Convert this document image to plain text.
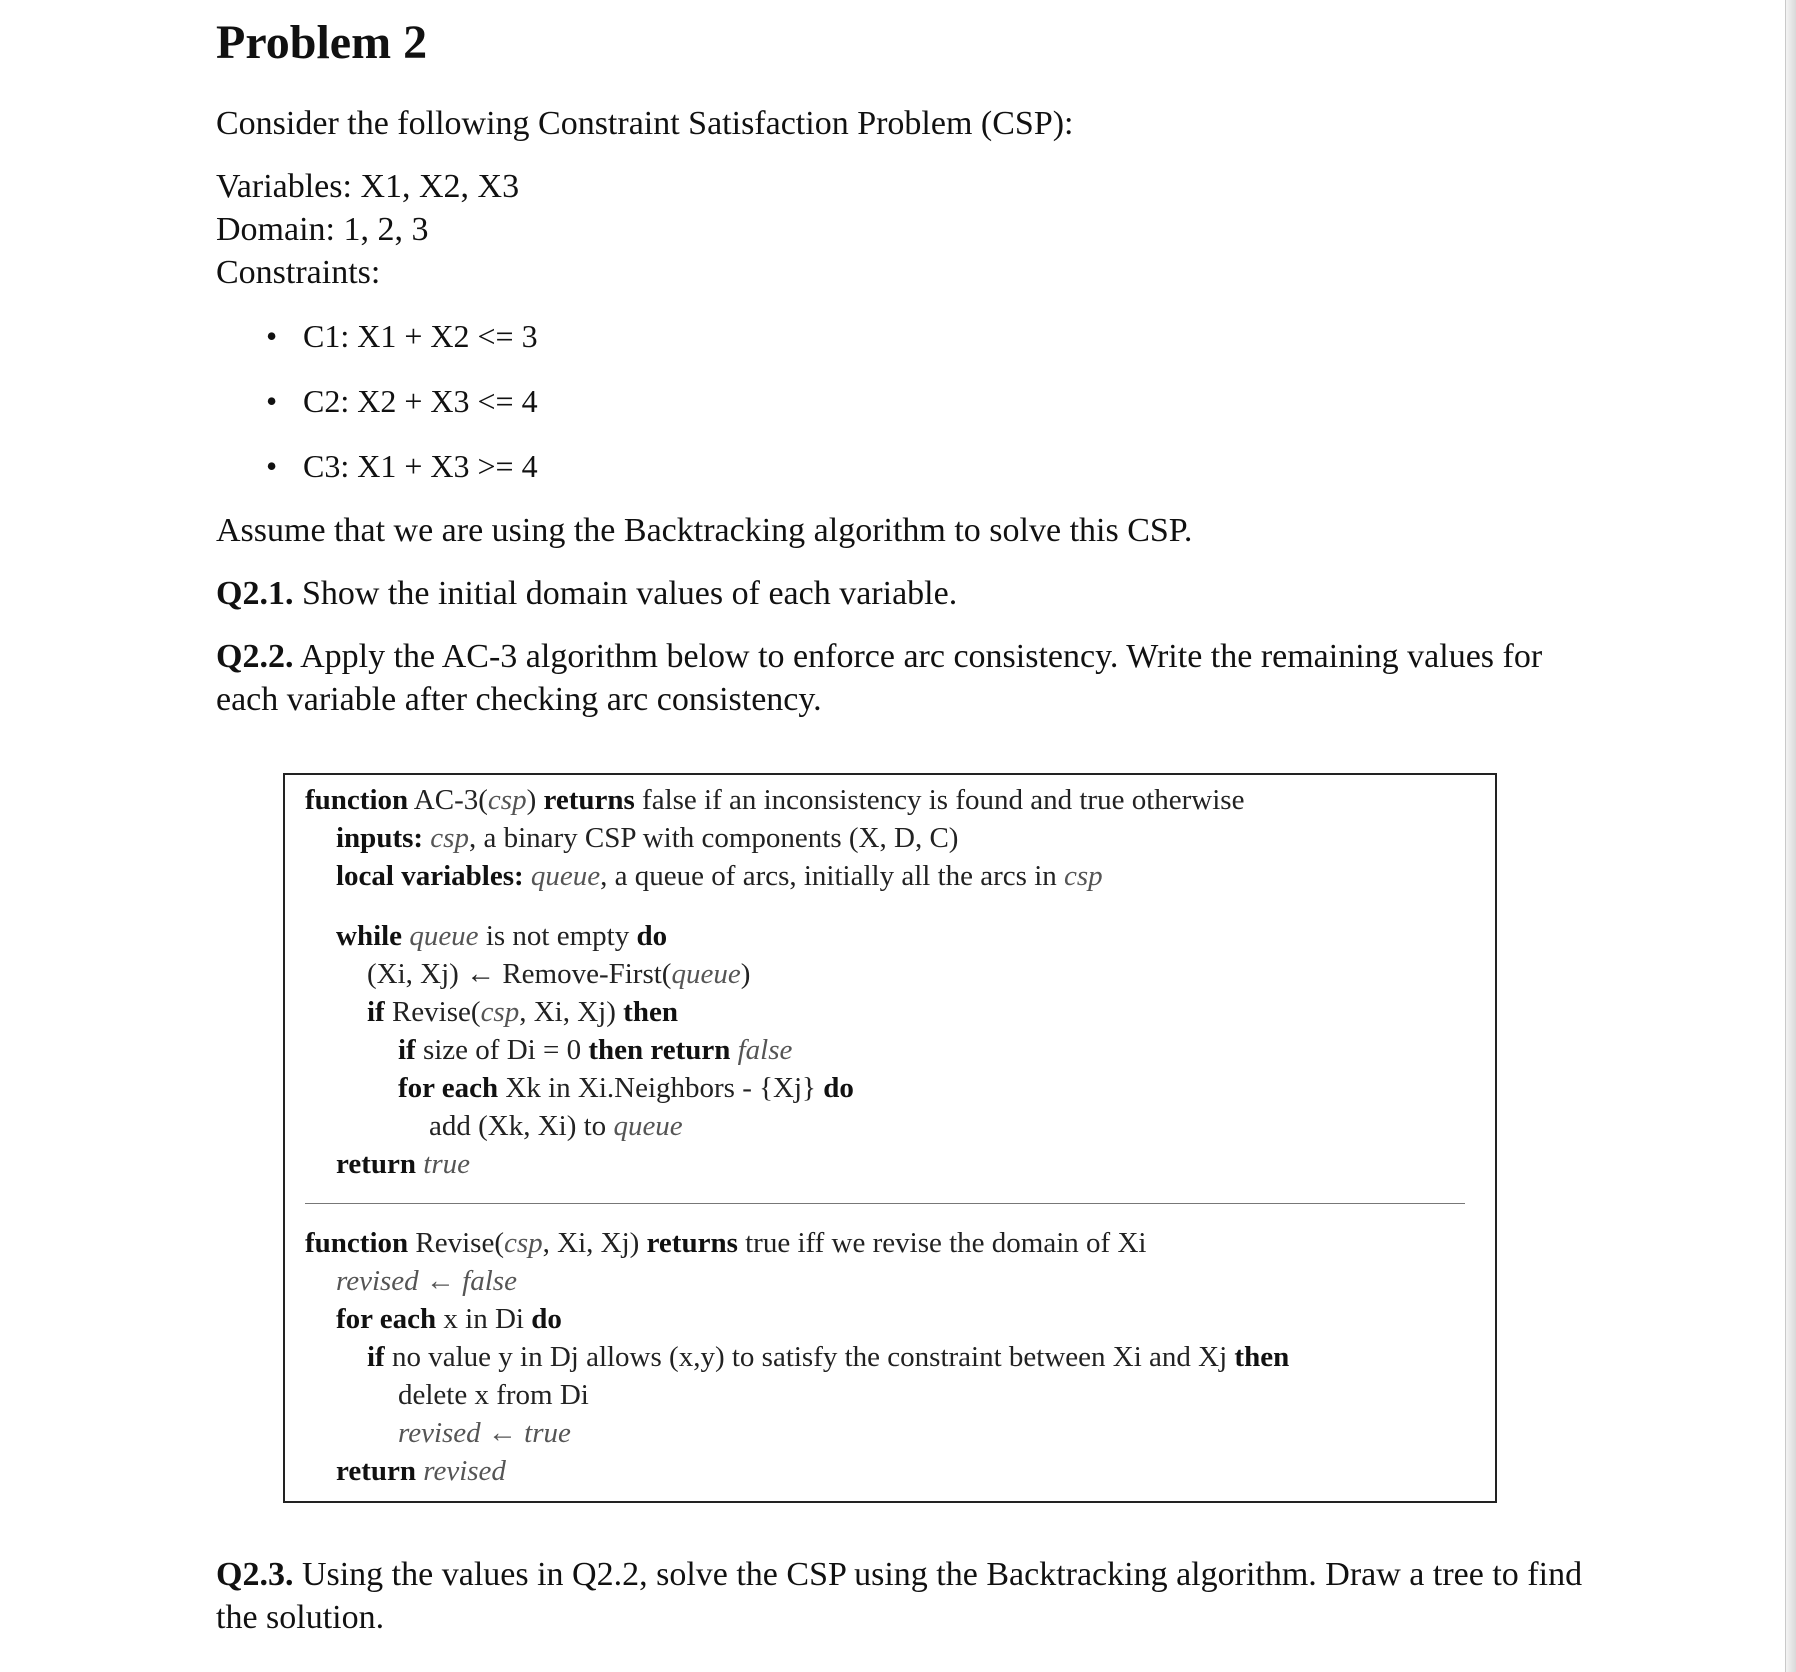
Problem 2

Consider the following Constraint Satisfaction Problem (CSP):

Variables: X1, X2, X3
Domain: 1, 2, 3
Constraints:
• C1: X1 + X2 <= 3
• C2: X2 + X3 <= 4
• C3: X1 + X3 >= 4

Assume that we are using the Backtracking algorithm to solve this CSP.

Q2.1. Show the initial domain values of each variable.

Q2.2. Apply the AC-3 algorithm below to enforce arc consistency. Write the remaining values for each variable after checking arc consistency.

function AC-3(csp) returns false if an inconsistency is found and true otherwise
inputs: csp, a binary CSP with components (X, D, C)
local variables: queue, a queue of arcs, initially all the arcs in csp
while queue is not empty do
(Xi, Xj) ← Remove-First(queue)
if Revise(csp, Xi, Xj) then
if size of Di = 0 then return false
for each Xk in Xi.Neighbors - {Xj} do
add (Xk, Xi) to queue
return true
function Revise(csp, Xi, Xj) returns true iff we revise the domain of Xi
revised ← false
for each x in Di do
if no value y in Dj allows (x,y) to satisfy the constraint between Xi and Xj then
delete x from Di
revised ← true
return revised

Q2.3. Using the values in Q2.2, solve the CSP using the Backtracking algorithm. Draw a tree to find the solution.
